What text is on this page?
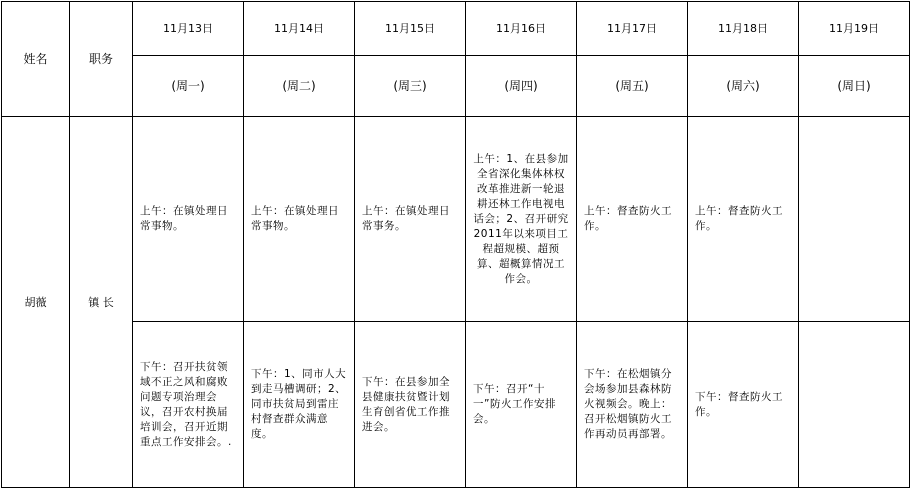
姓名	职务	11月13日	11月14日	11月15日	11月16日	11月17日	11月18日	11月19日
		(周一)	(周二)	(周三)	(周四)	(周五)	(周六)	(周日)
胡薇	镇 长	上午：在镇处理日常事物。	上午：在镇处理日常事物。	上午：在镇处理日常事务。	上午：1、在县参加全省深化集体林权改革推进新一轮退耕还林工作电视电话会；2、召开研究2011年以来项目工程超规模、超预算、超概算情况工作会。	上午：督查防火工作。	上午：督查防火工作。	
		下午：召开扶贫领域不正之风和腐败问题专项治理会议，召开农村换届培训会，召开近期重点工作安排会。.	下午：1、同市人大到走马槽调研；2、同市扶贫局到雷庄村督查群众满意度。	下午：在县参加全县健康扶贫暨计划生育创省优工作推进会。	下午：召开“十一”防火工作安排会。	下午：在松烟镇分会场参加县森林防火视频会。晚上：召开松烟镇防火工作再动员再部署。	下午：督查防火工作。	
